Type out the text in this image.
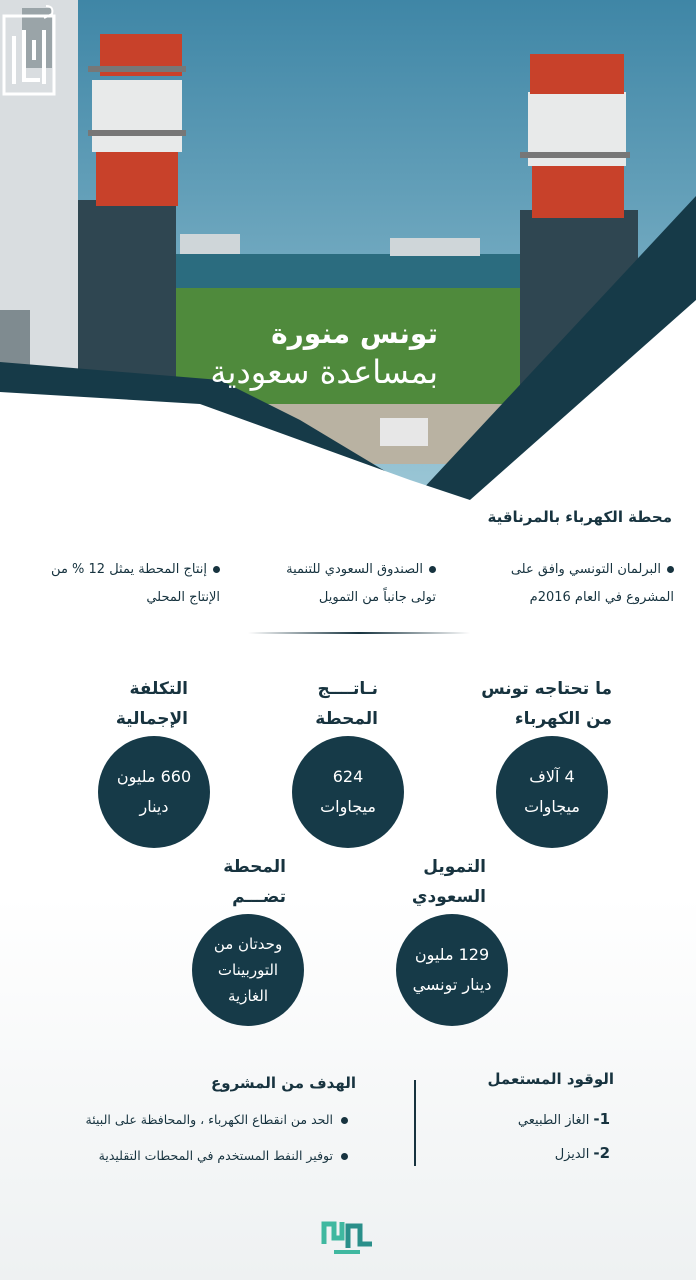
تونس منورة
بمساعدة سعودية
محطة الكهرباء بالمرناقية
البرلمان التونسي وافق على
المشروع في العام 2016م
الصندوق السعودي للتنمية
تولى جانباً من التمويل
إنتاج المحطة يمثل 12 % من
الإنتاج المحلي
ما تحتاجه تونس
من الكهرباء
4 آلاف
ميجاوات
نـاتــــج
المحطة
624
ميجاوات
التكلفة
الإجمالية
660 مليون
دينار
التمويل
السعودي
129 مليون
دينار تونسي
المحطة
تضـــم
وحدتان من
التوربينات
الغازية
الوقود المستعمل
1-الغاز الطبيعي
2-الديزل
الهدف من المشروع
الحد من انقطاع الكهرباء ، والمحافظة على البيئة
توفير النفط المستخدم في المحطات التقليدية
